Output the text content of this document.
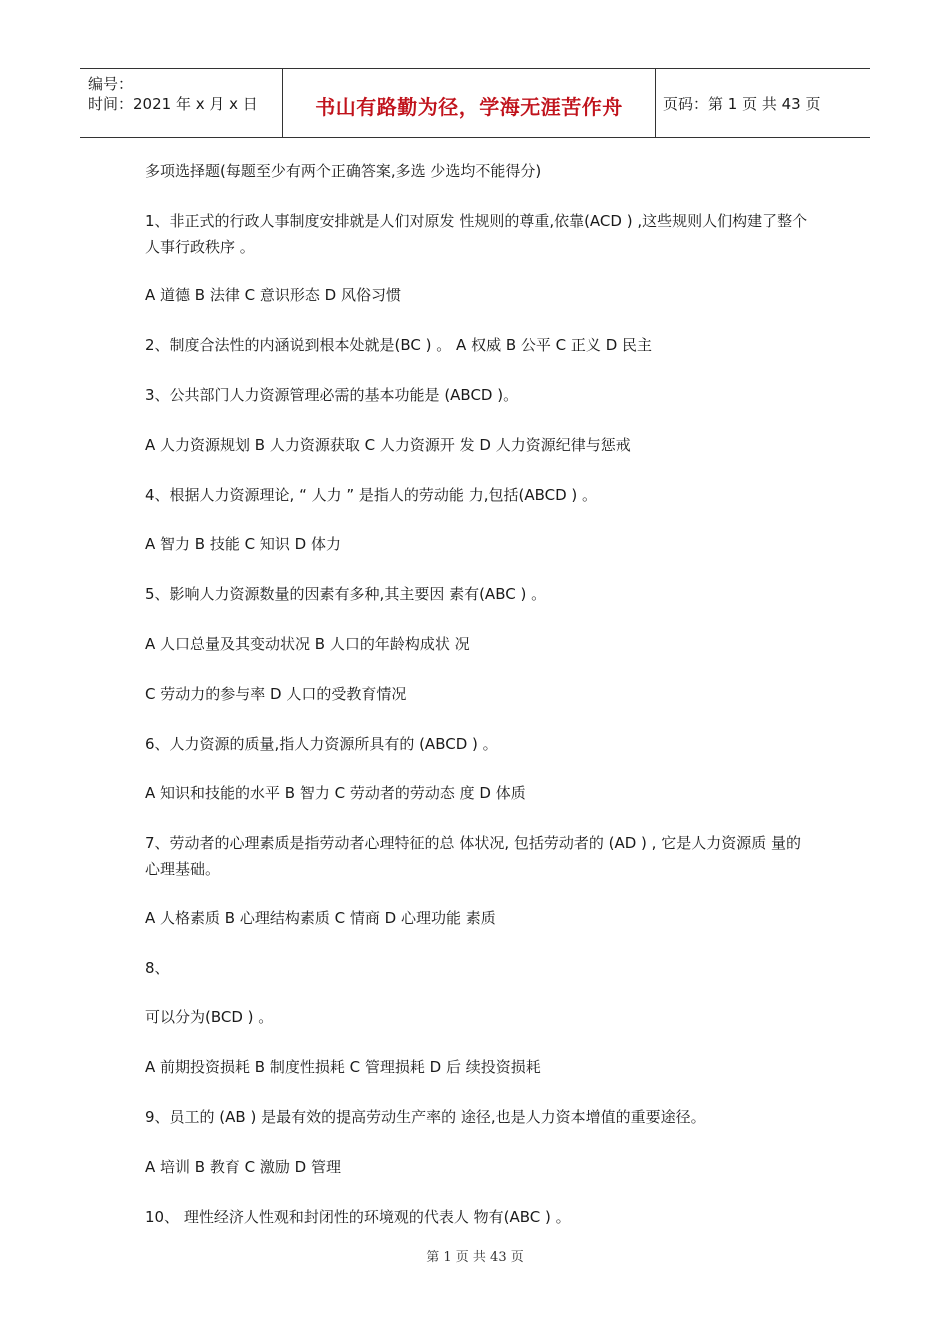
编号：
时间：2021 年 x 月 x 日	书山有路勤为径，学海无涯苦作舟	页码：第 1 页 共 43 页
多项选择题(每题至少有两个正确答案,多选 少选均不能得分)
1、非正式的行政人事制度安排就是人们对原发 性规则的尊重,依靠(ACD ) ,这些规则人们构建了整个人事行政秩序 。
A 道德 B 法律 C 意识形态 D 风俗习惯
2、制度合法性的内涵说到根本处就是(BC ) 。 A 权威 B 公平 C 正义 D 民主
3、公共部门人力资源管理必需的基本功能是 (ABCD )。
A 人力资源规划 B 人力资源获取 C 人力资源开 发 D 人力资源纪律与惩戒
4、根据人力资源理论, “ 人力 ” 是指人的劳动能 力,包括(ABCD ) 。
A 智力 B 技能 C 知识 D 体力
5、影响人力资源数量的因素有多种,其主要因 素有(ABC ) 。
A 人口总量及其变动状况 B 人口的年龄构成状 况
C 劳动力的参与率 D 人口的受教育情况
6、人力资源的质量,指人力资源所具有的 (ABCD ) 。
A 知识和技能的水平 B 智力 C 劳动者的劳动态 度 D 体质
7、劳动者的心理素质是指劳动者心理特征的总 体状况, 包括劳动者的 (AD ) , 它是人力资源质 量的心理基础。
A 人格素质 B 心理结构素质 C 情商 D 心理功能 素质
8、
可以分为(BCD ) 。
A 前期投资损耗 B 制度性损耗 C 管理损耗 D 后 续投资损耗
9、员工的 (AB ) 是最有效的提高劳动生产率的 途径,也是人力资本增值的重要途径。
A 培训 B 教育 C 激励 D 管理
10、 理性经济人性观和封闭性的环境观的代表人 物有(ABC ) 。
第 1 页 共 43 页
